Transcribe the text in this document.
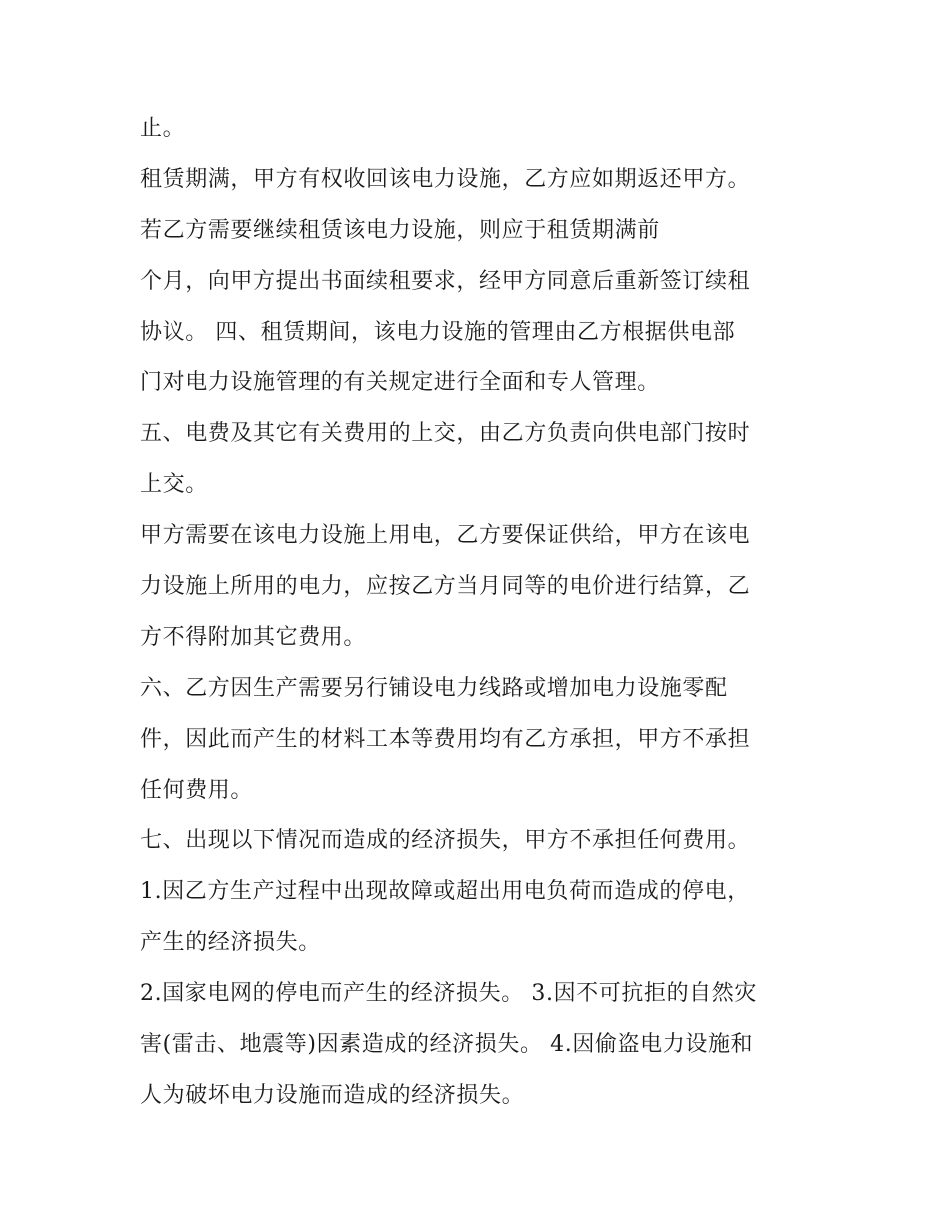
止。
租赁期满，甲方有权收回该电力设施，乙方应如期返还甲方。
若乙方需要继续租赁该电力设施，则应于租赁期满前
个月，向甲方提出书面续租要求，经甲方同意后重新签订续租
协议。 四、租赁期间，该电力设施的管理由乙方根据供电部
门对电力设施管理的有关规定进行全面和专人管理。
五、电费及其它有关费用的上交，由乙方负责向供电部门按时
上交。
甲方需要在该电力设施上用电，乙方要保证供给，甲方在该电
力设施上所用的电力，应按乙方当月同等的电价进行结算，乙
方不得附加其它费用。
六、乙方因生产需要另行铺设电力线路或增加电力设施零配
件，因此而产生的材料工本等费用均有乙方承担，甲方不承担
任何费用。
七、出现以下情况而造成的经济损失，甲方不承担任何费用。
1.因乙方生产过程中出现故障或超出用电负荷而造成的停电，
产生的经济损失。
2.国家电网的停电而产生的经济损失。 3.因不可抗拒的自然灾
害(雷击、地震等)因素造成的经济损失。 4.因偷盗电力设施和
人为破坏电力设施而造成的经济损失。
